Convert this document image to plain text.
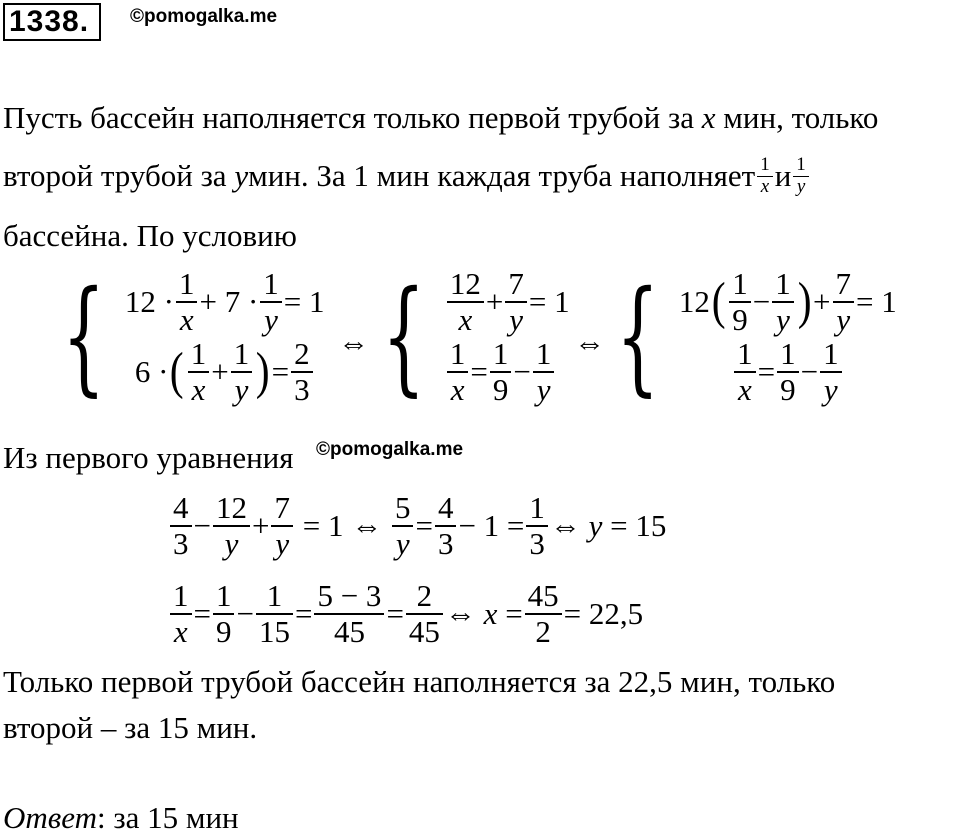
1338.	©pomogalka.me
Пусть бассейн наполняется только первой трубой за x мин, только
второй трубой за
y мин. За 1 мин каждая труба наполняет $\frac{1}{x}$ и $\frac{1}{y}$
бассейна. По условию
{ $12 \cdot \frac{1}{x} + 7 \cdot \frac{1}{y} = 1$
6 · ( $\frac{1}{x} + \frac{1}{y}$ ) = $\frac{2}{3}$ ⇔ { $\frac{12}{x} + \frac{7}{y} = 1$
$\frac{1}{x} = \frac{1}{9} - \frac{1}{y}$ ⇔ { 12 ( $\frac{1}{9} - \frac{1}{y}$ ) + $\frac{7}{y} = 1$
$\frac{1}{x} = \frac{1}{9} - \frac{1}{y}$
Из первого уравнения ©pomogalka.me
$\frac{4}{3} - \frac{12}{y} + \frac{7}{y} = 1$ ⇔ $\frac{5}{y} = \frac{4}{3} - 1 = \frac{1}{3}$ ⇔ y = 15
$\frac{1}{x} = \frac{1}{9} - \frac{1}{15} = \frac{5 - 3}{45} = \frac{2}{45}$ ⇔ $x = \frac{45}{2} = 22,5$
Только первой трубой бассейн наполняется за 22,5 мин, только
второй – за 15 мин.
Ответ: за 15 мин
